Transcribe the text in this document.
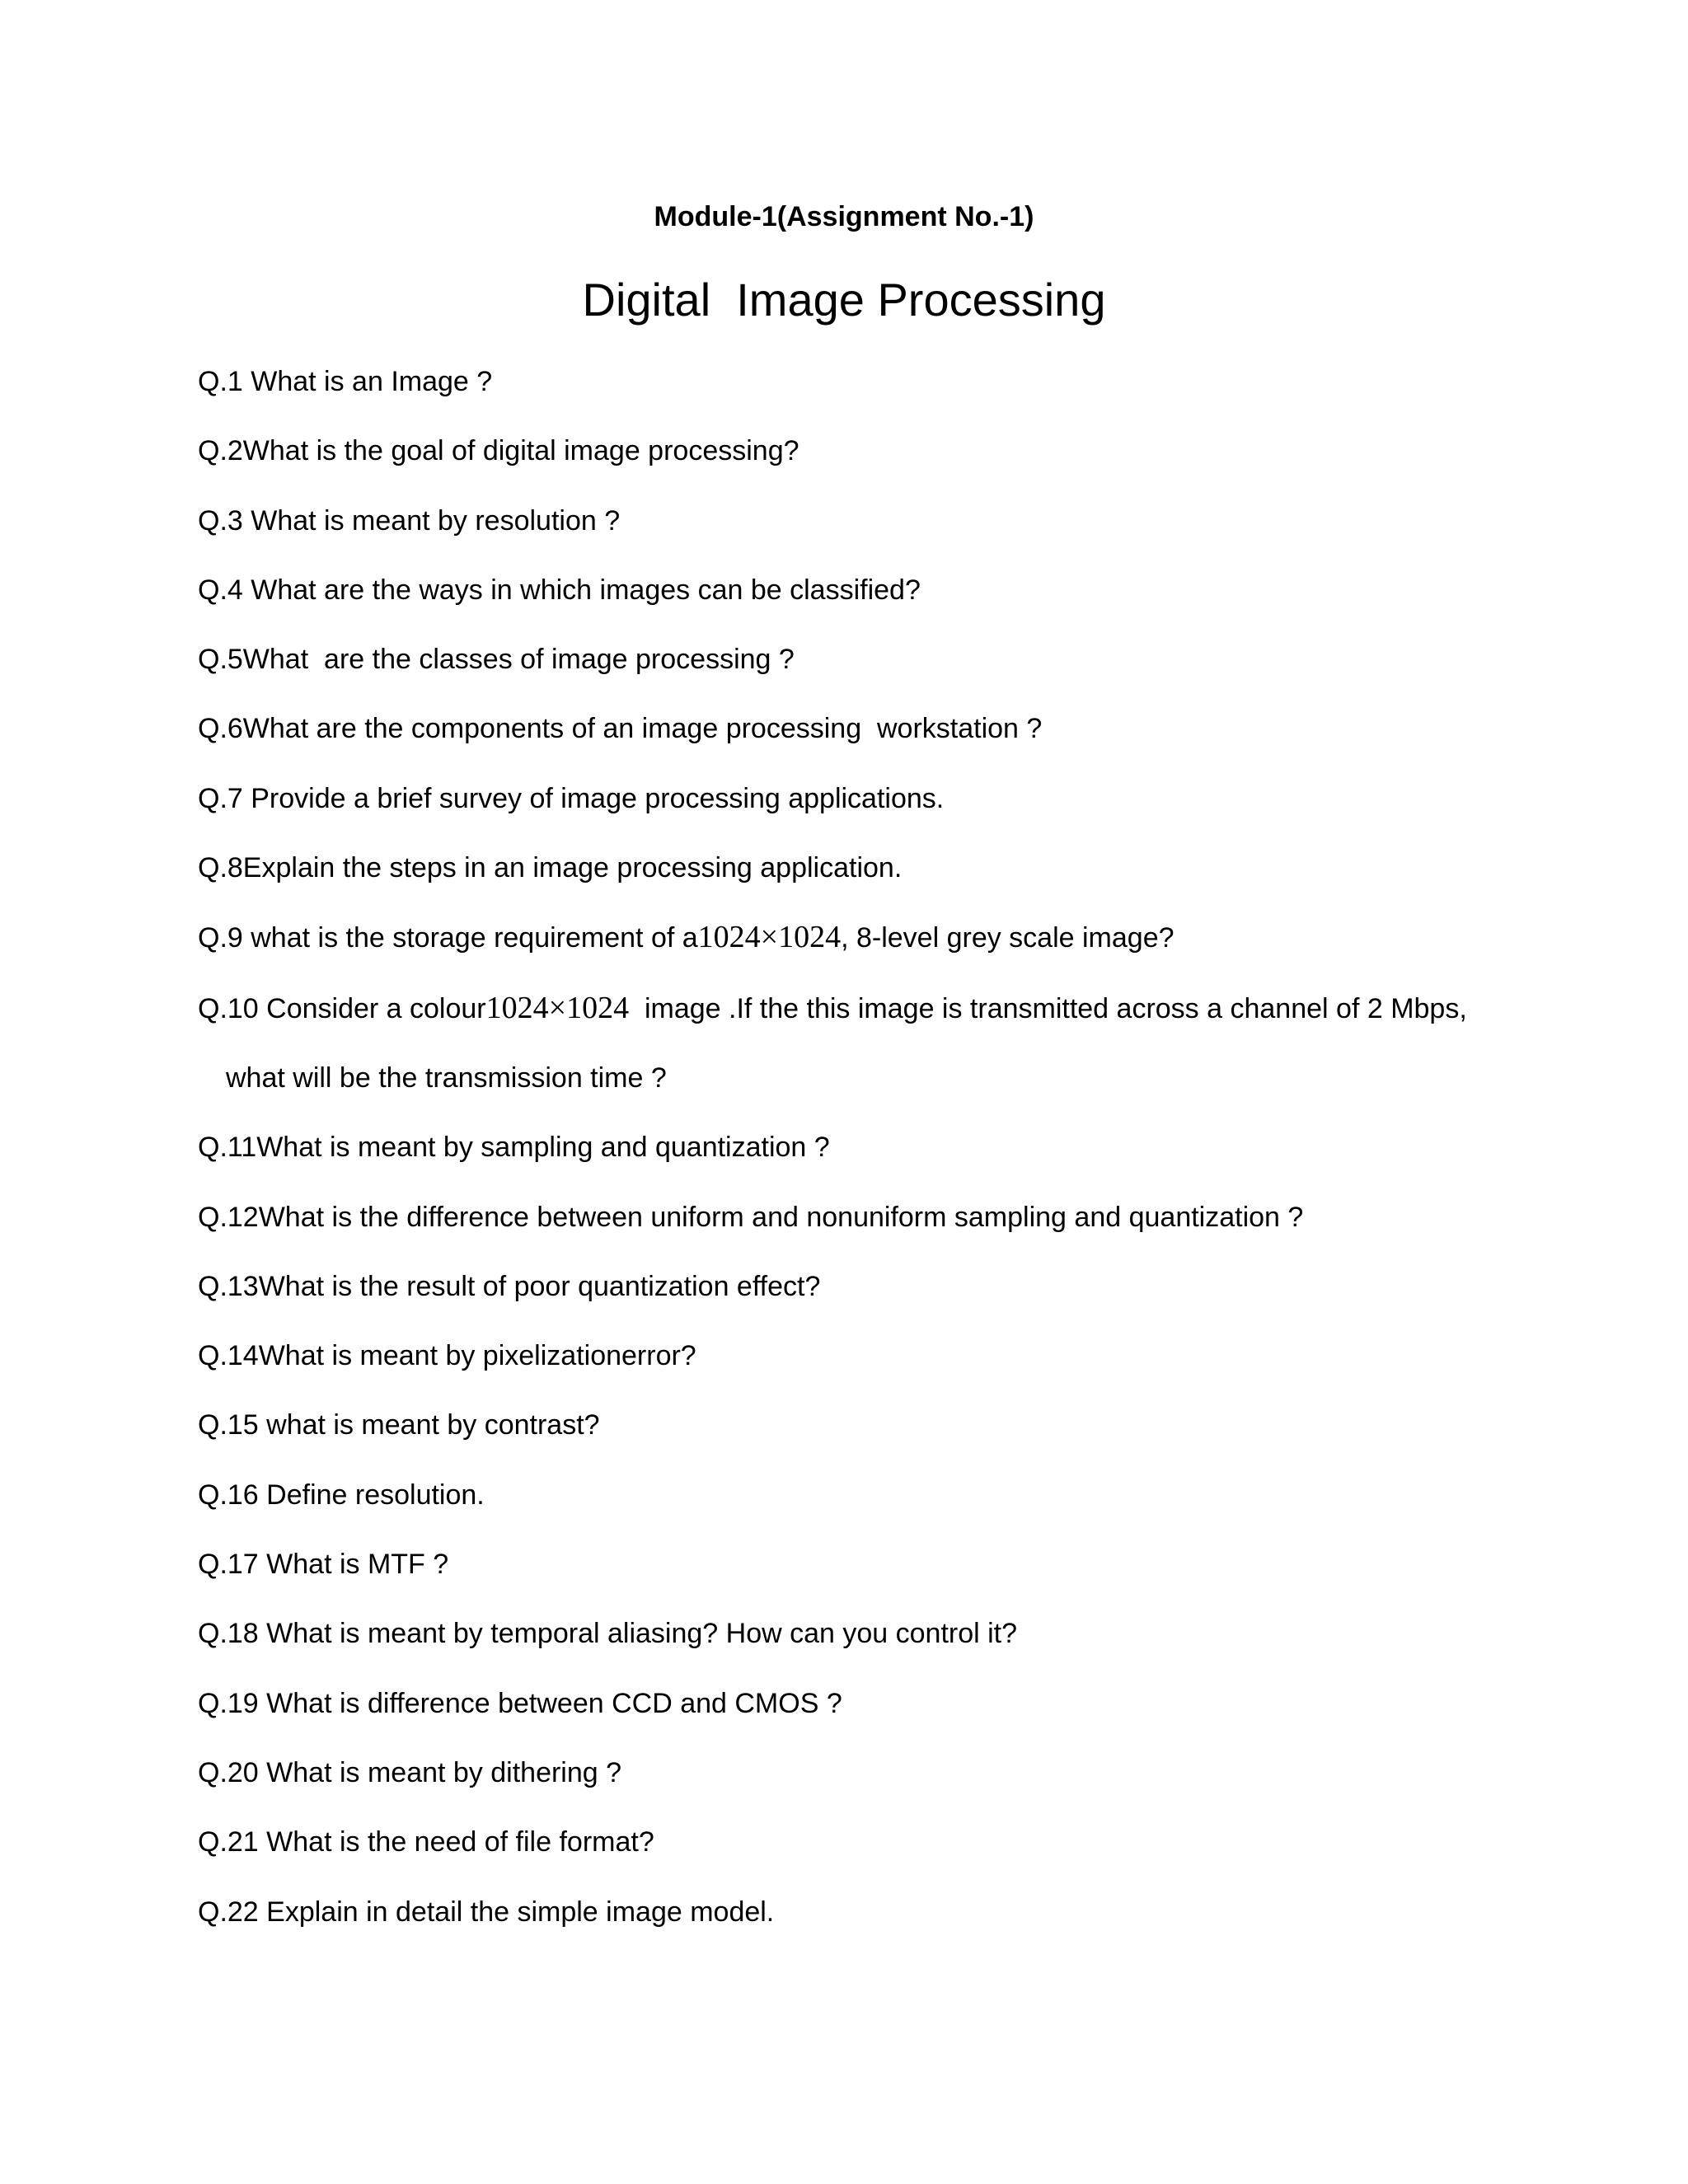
Module-1(Assignment No.-1)
Digital  Image Processing
Q.1 What is an Image ?
Q.2What is the goal of digital image processing?
Q.3 What is meant by resolution ?
Q.4 What are the ways in which images can be classified?
Q.5What  are the classes of image processing ?
Q.6What are the components of an image processing  workstation ?
Q.7 Provide a brief survey of image processing applications.
Q.8Explain the steps in an image processing application.
Q.9 what is the storage requirement of a1024×1024, 8-level grey scale image?
Q.10 Consider a colour1024×1024  image .If the this image is transmitted across a channel of 2 Mbps,
what will be the transmission time ?
Q.11What is meant by sampling and quantization ?
Q.12What is the difference between uniform and nonuniform sampling and quantization ?
Q.13What is the result of poor quantization effect?
Q.14What is meant by pixelizationerror?
Q.15 what is meant by contrast?
Q.16 Define resolution.
Q.17 What is MTF ?
Q.18 What is meant by temporal aliasing? How can you control it?
Q.19 What is difference between CCD and CMOS ?
Q.20 What is meant by dithering ?
Q.21 What is the need of file format?
Q.22 Explain in detail the simple image model.
